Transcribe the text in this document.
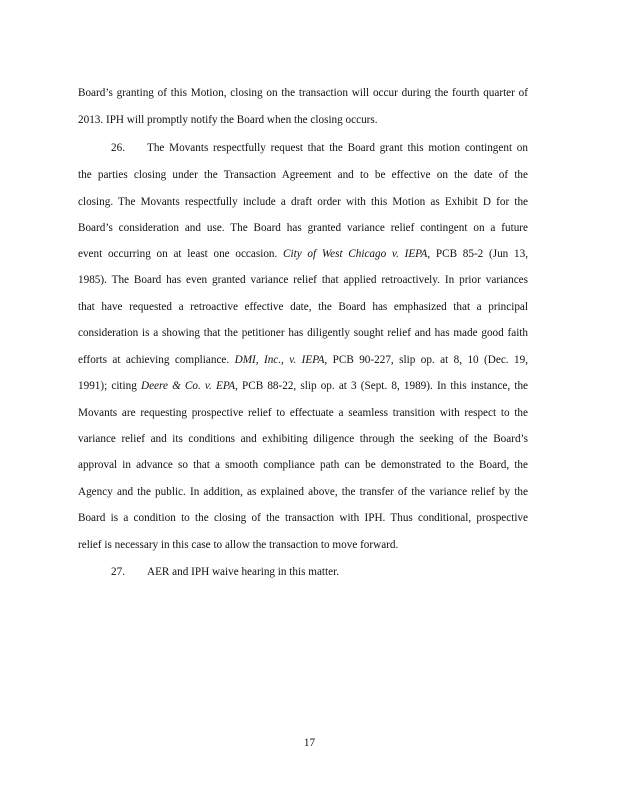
Board’s granting of this Motion, closing on the transaction will occur during the fourth quarter of
2013. IPH will promptly notify the Board when the closing occurs.
26. The Movants respectfully request that the Board grant this motion contingent on
the parties closing under the Transaction Agreement and to be effective on the date of the
closing. The Movants respectfully include a draft order with this Motion as Exhibit D for the
Board’s consideration and use. The Board has granted variance relief contingent on a future
event occurring on at least one occasion. City of West Chicago v. IEPA, PCB 85-2 (Jun 13,
1985). The Board has even granted variance relief that applied retroactively. In prior variances
that have requested a retroactive effective date, the Board has emphasized that a principal
consideration is a showing that the petitioner has diligently sought relief and has made good faith
efforts at achieving compliance. DMI, Inc., v. IEPA, PCB 90-227, slip op. at 8, 10 (Dec. 19,
1991); citing Deere & Co. v. EPA, PCB 88-22, slip op. at 3 (Sept. 8, 1989). In this instance, the
Movants are requesting prospective relief to effectuate a seamless transition with respect to the
variance relief and its conditions and exhibiting diligence through the seeking of the Board’s
approval in advance so that a smooth compliance path can be demonstrated to the Board, the
Agency and the public. In addition, as explained above, the transfer of the variance relief by the
Board is a condition to the closing of the transaction with IPH. Thus conditional, prospective
relief is necessary in this case to allow the transaction to move forward.
27. AER and IPH waive hearing in this matter.
17
